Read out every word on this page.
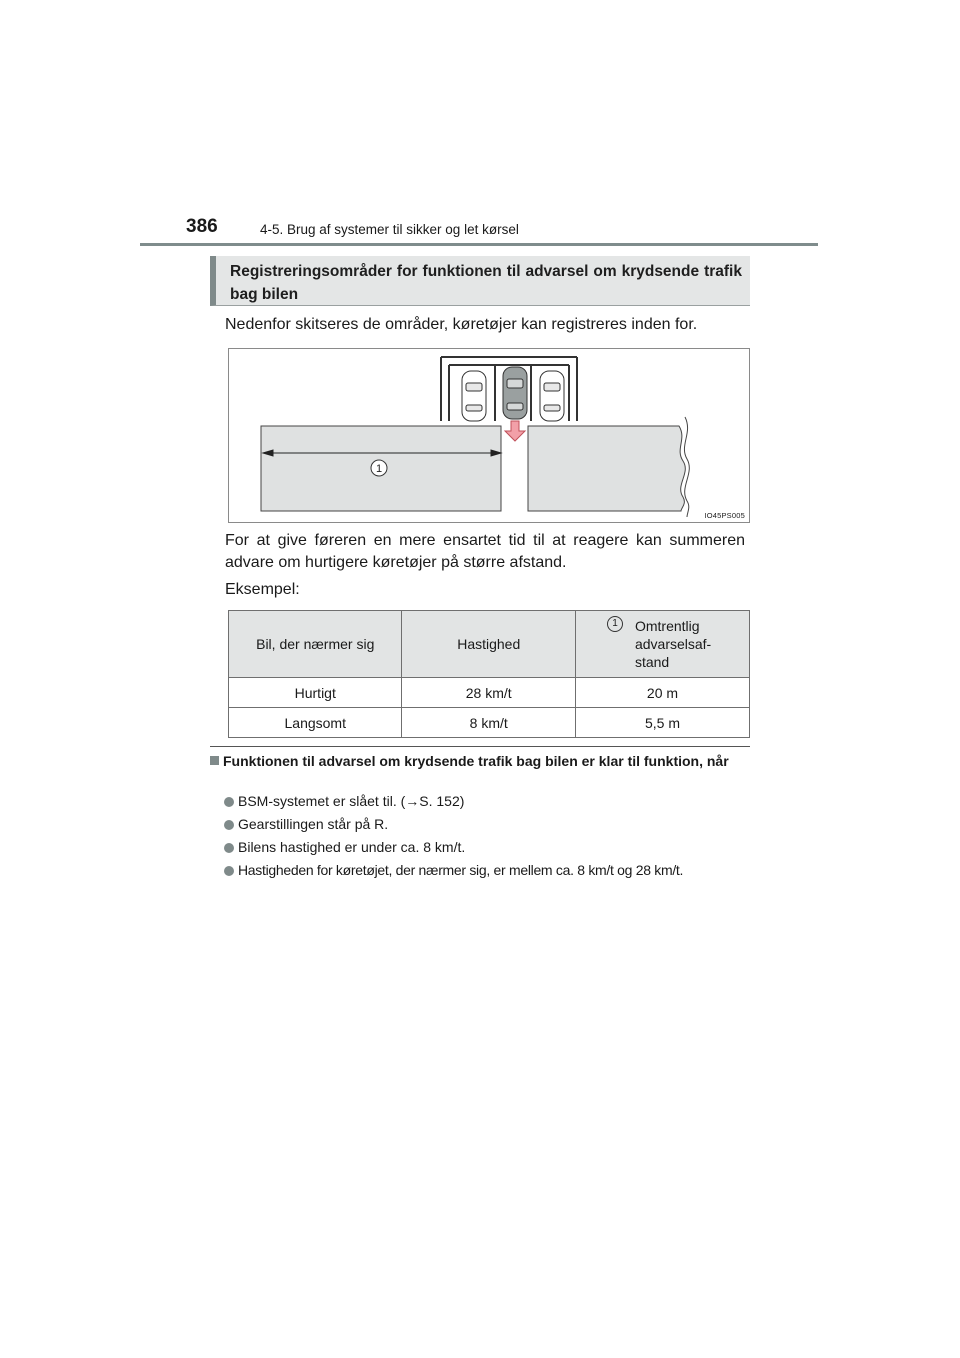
386	4-5. Brug af systemer til sikker og let kørsel
Registreringsområder for funktionen til advarsel om krydsende trafik bag bilen
Nedenfor skitseres de områder, køretøjer kan registreres inden for.
1
IO45PS005
For at give føreren en mere ensartet tid til at reagere kan summeren advare om hurtigere køretøjer på større afstand.
Eksempel:
Bil, der nærmer sig	Hastighed	1 Omtrentlig
advarselsaf-
stand

Hurtigt	28 km/t	20 m
Langsomt	8 km/t	5,5 m
Funktionen til advarsel om krydsende trafik bag bilen er klar til funktion, når
BSM-systemet er slået til. (→S. 152)
Gearstillingen står på R.
Bilens hastighed er under ca. 8 km/t.
Hastigheden for køretøjet, der nærmer sig, er mellem ca. 8 km/t og 28 km/t.
